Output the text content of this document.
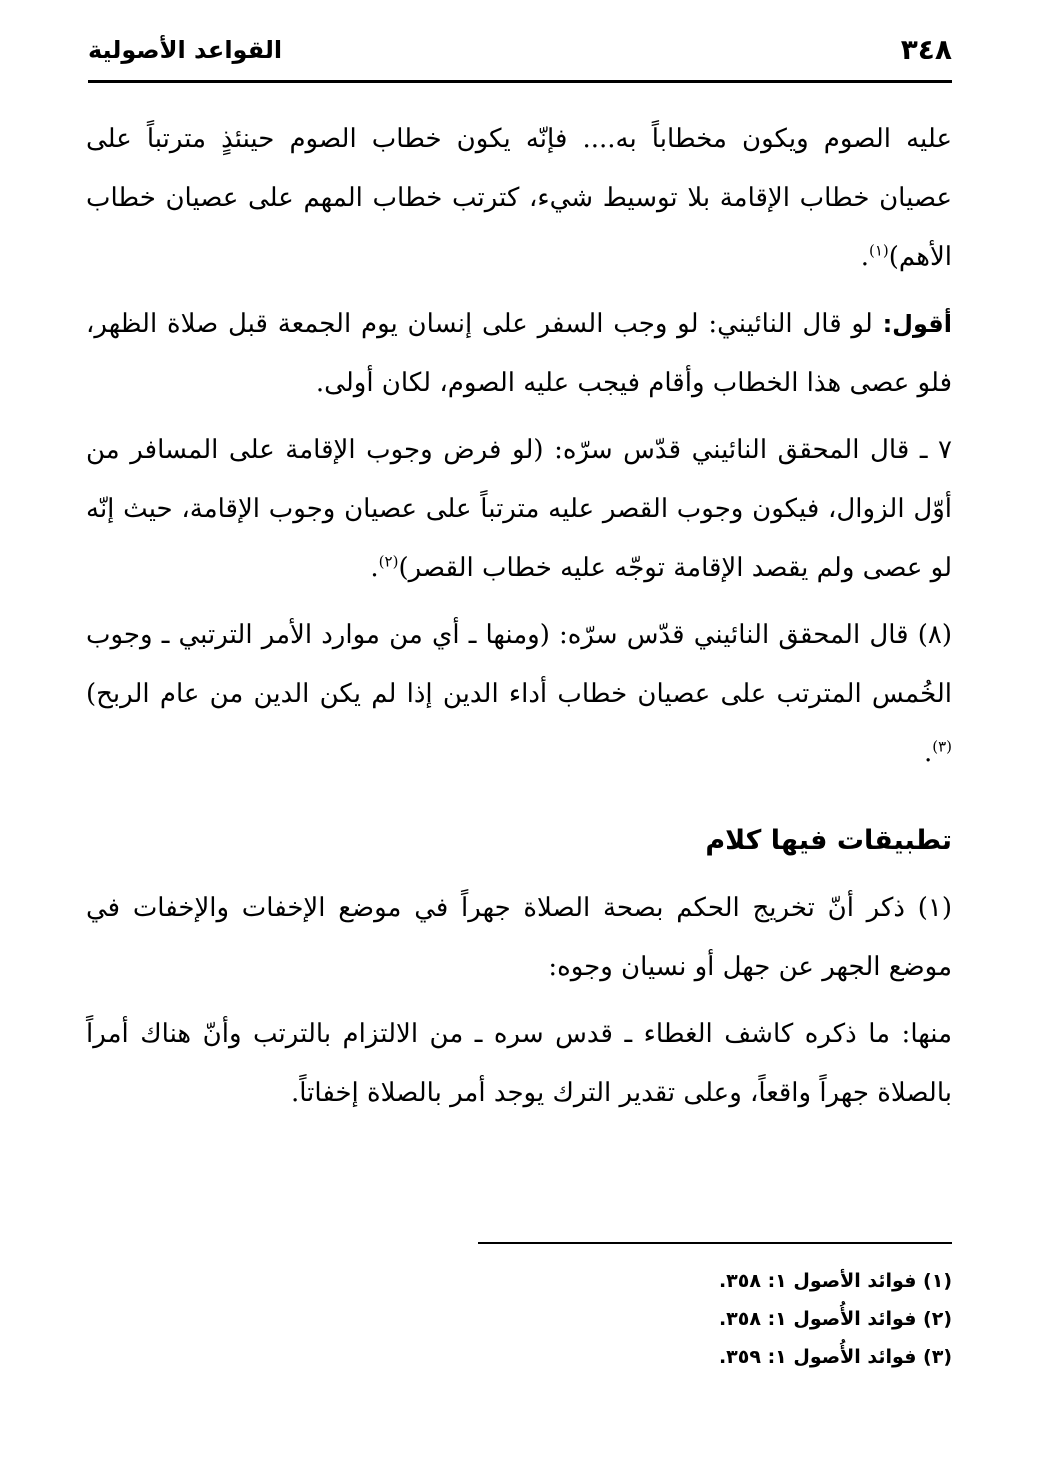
٣٤٨
القواعد الأصولية

عليه الصوم ويكون مخطاباً به.... فإنّه يكون خطاب الصوم حينئذٍ مترتباً على عصيان خطاب الإقامة بلا توسيط شيء، كترتب خطاب المهم على عصيان خطاب الأهم)$^{(١)}$.

أقول: لو قال النائيني: لو وجب السفر على إنسان يوم الجمعة قبل صلاة الظهر، فلو عصى هذا الخطاب وأقام فيجب عليه الصوم، لكان أولى.

٧ ـ قال المحقق النائيني قدّس سرّه: (لو فرض وجوب الإقامة على المسافر من أوّل الزوال، فيكون وجوب القصر عليه مترتباً على عصيان وجوب الإقامة، حيث إنّه لو عصى ولم يقصد الإقامة توجّه عليه خطاب القصر)$^{(٢)}$.

(٨) قال المحقق النائيني قدّس سرّه: (ومنها ـ أي من موارد الأمر الترتبي ـ وجوب الخُمس المترتب على عصيان خطاب أداء الدين إذا لم يكن الدين من عام الربح)$^{(٣)}$.

تطبيقات فيها كلام

(١) ذكر أنّ تخريج الحكم بصحة الصلاة جهراً في موضع الإخفات والإخفات في موضع الجهر عن جهل أو نسيان وجوه:

منها: ما ذكره كاشف الغطاء ـ قدس سره ـ من الالتزام بالترتب وأنّ هناك أمراً بالصلاة جهراً واقعاً، وعلى تقدير الترك يوجد أمر بالصلاة إخفاتاً.

(١) فوائد الأصول ١: ٣٥٨.

(٢) فوائد الأُصول ١: ٣٥٨.

(٣) فوائد الأُصول ١: ٣٥٩.
